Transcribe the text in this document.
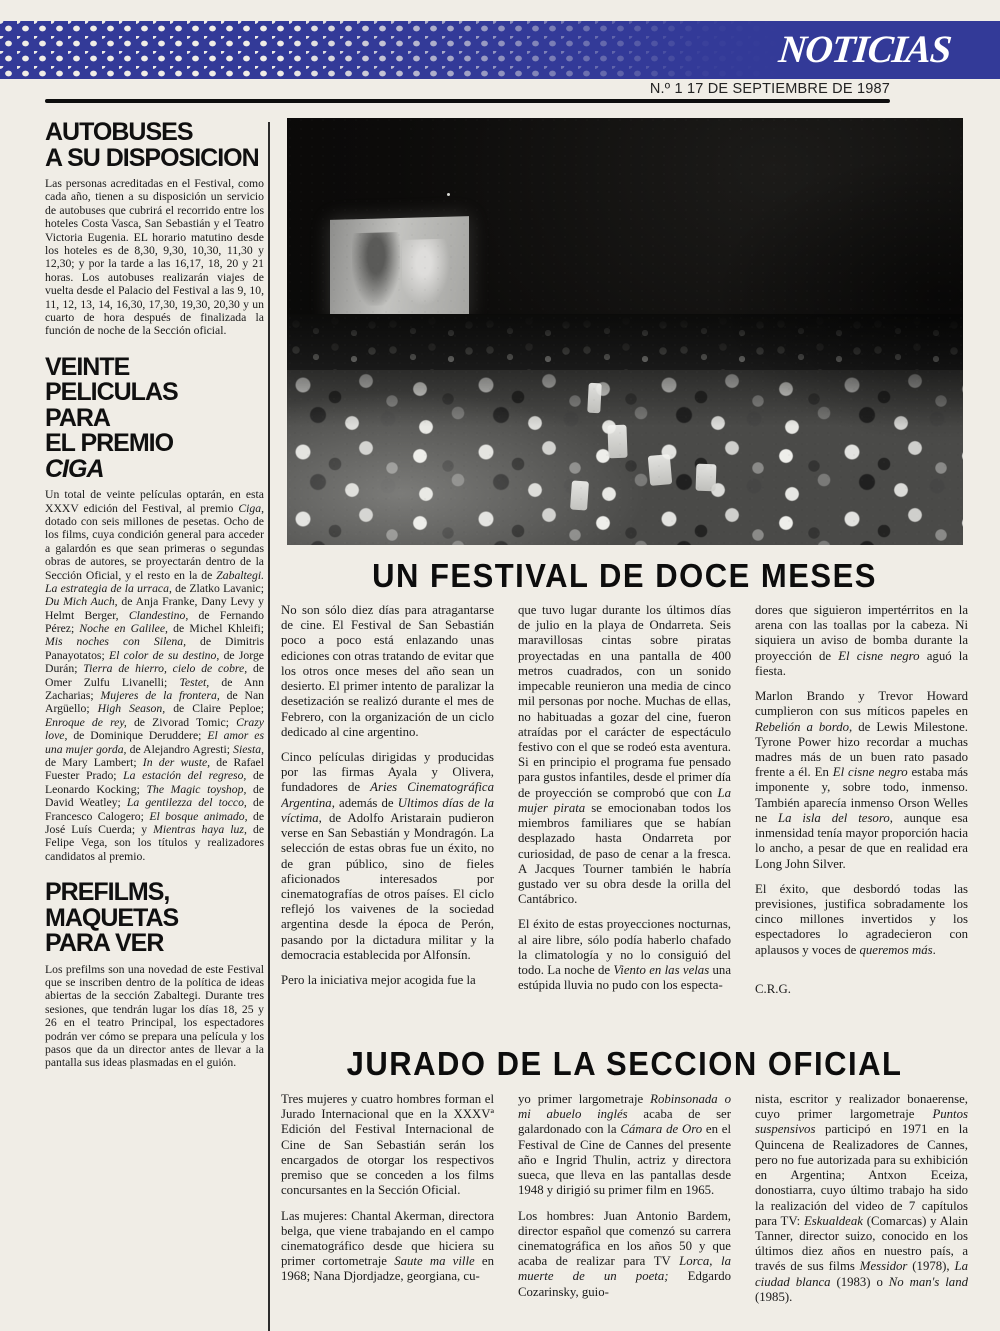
NOTICIAS
N.º 1 17 DE SEPTIEMBRE DE 1987
AUTOBUSES
A SU DISPOSICION

Las personas acreditadas en el Festival, como cada año, tienen a su disposición un servicio de autobuses que cubrirá el recorrido entre los hoteles Costa Vasca, San Sebastián y el Teatro Victoria Eugenia. EL horario matutino desde los hoteles es de 8,30, 9,30, 10,30, 11,30 y 12,30; y por la tarde a las 16,17, 18, 20 y 21 horas. Los autobuses realizarán viajes de vuelta desde el Palacio del Festival a las 9, 10, 11, 12, 13, 14, 16,30, 17,30, 19,30, 20,30 y un cuarto de hora después de finalizada la función de noche de la Sección oficial.

VEINTE PELICULAS
PARA
EL PREMIO
CIGA

Un total de veinte películas optarán, en esta XXXV edición del Festival, al premio Ciga, dotado con seis millones de pesetas. Ocho de los films, cuya condición general para acceder a galardón es que sean primeras o segundas obras de autores, se proyectarán dentro de la Sección Oficial, y el resto en la de Zabaltegi. La estrategia de la urraca, de Zlatko Lavanic; Du Mich Auch, de Anja Franke, Dany Levy y Helmt Berger, Clandestino, de Fernando Pérez; Noche en Galilee, de Michel Khleifi; Mis noches con Silena, de Dimitris Panayotatos; El color de su destino, de Jorge Durán; Tierra de hierro, cielo de cobre, de Omer Zulfu Livanelli; Testet, de Ann Zacharias; Mujeres de la frontera, de Nan Argüello; High Season, de Claire Peploe; Enroque de rey, de Zivorad Tomic; Crazy love, de Dominique Deruddere; El amor es una mujer gorda, de Alejandro Agresti; Siesta, de Mary Lambert; In der wuste, de Rafael Fuester Prado; La estación del regreso, de Leonardo Kocking; The Magic toyshop, de David Weatley; La gentilezza del tocco, de Francesco Calogero; El bosque animado, de José Luís Cuerda; y Mientras haya luz, de Felipe Vega, son los títulos y realizadores candidatos al premio.

PREFILMS,
MAQUETAS
PARA VER

Los prefilms son una novedad de este Festival que se inscriben dentro de la política de ideas abiertas de la sección Zabaltegi. Durante tres sesiones, que tendrán lugar los días 18, 25 y 26 en el teatro Principal, los espectadores podrán ver cómo se prepara una película y los pasos que da un director antes de llevar a la pantalla sus ideas plasmadas en el guión.

UN FESTIVAL DE DOCE MESES

No son sólo diez días para atragantarse de cine. El Festival de San Sebastián poco a poco está enlazando unas ediciones con otras tratando de evitar que los otros once meses del año sean un desierto. El primer intento de paralizar la desetización se realizó durante el mes de Febrero, con la organización de un ciclo dedicado al cine argentino.

Cinco películas dirigidas y producidas por las firmas Ayala y Olivera, fundadores de Aries Cinematográfica Argentina, además de Ultimos días de la víctima, de Adolfo Aristarain pudieron verse en San Sebastián y Mondragón. La selección de estas obras fue un éxito, no de gran público, sino de fieles aficionados interesados por cinematografías de otros países. El ciclo reflejó los vaivenes de la sociedad argentina desde la época de Perón, pasando por la dictadura militar y la democracia establecida por Alfonsín.

Pero la iniciativa mejor acogida fue la

que tuvo lugar durante los últimos días de julio en la playa de Ondarreta. Seis maravillosas cintas sobre piratas proyectadas en una pantalla de 400 metros cuadrados, con un sonido impecable reunieron una media de cinco mil personas por noche. Muchas de ellas, no habituadas a gozar del cine, fueron atraídas por el carácter de espectáculo festivo con el que se rodeó esta aventura. Si en principio el programa fue pensado para gustos infantiles, desde el primer día de proyección se comprobó que con La mujer pirata se emocionaban todos los miembros familiares que se habían desplazado hasta Ondarreta por curiosidad, de paso de cenar a la fresca. A Jacques Tourner también le habría gustado ver su obra desde la orilla del Cantábrico.

El éxito de estas proyecciones nocturnas, al aire libre, sólo podía haberlo chafado la climatología y no lo consiguió del todo. La noche de Viento en las velas una estúpida lluvia no pudo con los especta-

dores que siguieron impertérritos en la arena con las toallas por la cabeza. Ni siquiera un aviso de bomba durante la proyección de El cisne negro aguó la fiesta.

Marlon Brando y Trevor Howard cumplieron con sus míticos papeles en Rebelión a bordo, de Lewis Milestone. Tyrone Power hizo recordar a muchas madres más de un buen rato pasado frente a él. En El cisne negro estaba más imponente y, sobre todo, inmenso. También aparecía inmenso Orson Welles ne La isla del tesoro, aunque esa inmensidad tenía mayor proporción hacia lo ancho, a pesar de que en realidad era Long John Silver.

El éxito, que desbordó todas las previsiones, justifica sobradamente los cinco millones invertidos y los espectadores lo agradecieron con aplausos y voces de queremos más.

C.R.G.

JURADO DE LA SECCION OFICIAL

Tres mujeres y cuatro hombres forman el Jurado Internacional que en la XXXVª Edición del Festival Internacional de Cine de San Sebastián serán los encargados de otorgar los respectivos premiso que se conceden a los films concursantes en la Sección Oficial.

Las mujeres: Chantal Akerman, directora belga, que viene trabajando en el campo cinematográfico desde que hiciera su primer cortometraje Saute ma ville en 1968; Nana Djordjadze, georgiana, cu-

yo primer largometraje Robinsonada o mi abuelo inglés acaba de ser galardonado con la Cámara de Oro en el Festival de Cine de Cannes del presente año e Ingrid Thulin, actriz y directora sueca, que lleva en las pantallas desde 1948 y dirigió su primer film en 1965.

Los hombres: Juan Antonio Bardem, director español que comenzó su carrera cinematográfica en los años 50 y que acaba de realizar para TV Lorca, la muerte de un poeta; Edgardo Cozarinsky, guio-

nista, escritor y realizador bonaerense, cuyo primer largometraje Puntos suspensivos participó en 1971 en la Quincena de Realizadores de Cannes, pero no fue autorizada para su exhibición en Argentina; Antxon Eceiza, donostiarra, cuyo último trabajo ha sido la realización del video de 7 capítulos para TV: Eskualdeak (Comarcas) y Alain Tanner, director suizo, conocido en los últimos diez años en nuestro país, a través de sus films Messidor (1978), La ciudad blanca (1983) o No man's land (1985).
